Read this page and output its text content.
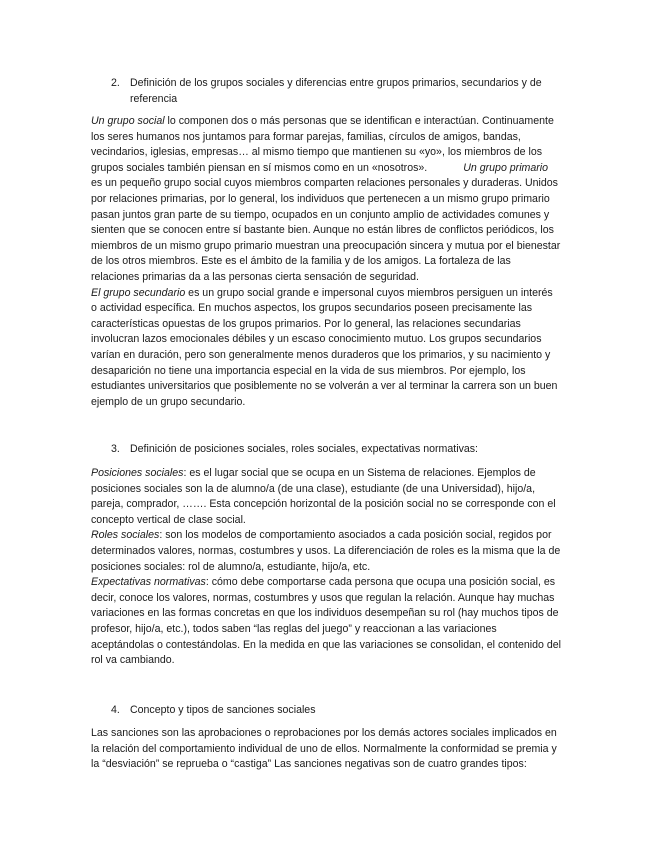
2. Definición de los grupos sociales y diferencias entre grupos primarios, secundarios y de referencia

Un grupo social lo componen dos o más personas que se identifican e interactúan. Continuamente los seres humanos nos juntamos para formar parejas, familias, círculos de amigos, bandas, vecindarios, iglesias, empresas… al mismo tiempo que mantienen su «yo», los miembros de los grupos sociales también piensan en sí mismos como en un «nosotros».	Un grupo primario es un pequeño grupo social cuyos miembros comparten relaciones personales y duraderas. Unidos por relaciones primarias, por lo general, los individuos que pertenecen a un mismo grupo primario pasan juntos gran parte de su tiempo, ocupados en un conjunto amplio de actividades comunes y sienten que se conocen entre sí bastante bien. Aunque no están libres de conflictos periódicos, los miembros de un mismo grupo primario muestran una preocupación sincera y mutua por el bienestar de los otros miembros. Este es el ámbito de la familia y de los amigos. La fortaleza de las relaciones primarias da a las personas cierta sensación de seguridad.

El grupo secundario es un grupo social grande e impersonal cuyos miembros persiguen un interés o actividad específica. En muchos aspectos, los grupos secundarios poseen precisamente las características opuestas de los grupos primarios. Por lo general, las relaciones secundarias involucran lazos emocionales débiles y un escaso conocimiento mutuo. Los grupos secundarios varían en duración, pero son generalmente menos duraderos que los primarios, y su nacimiento y desaparición no tiene una importancia especial en la vida de sus miembros. Por ejemplo, los estudiantes universitarios que posiblemente no se volverán a ver al terminar la carrera son un buen ejemplo de un grupo secundario.

3. Definición de posiciones sociales, roles sociales, expectativas normativas:

Posiciones sociales: es el lugar social que se ocupa en un Sistema de relaciones. Ejemplos de posiciones sociales son la de alumno/a (de una clase), estudiante (de una Universidad), hijo/a, pareja, comprador, ……. Esta concepción horizontal de la posición social no se corresponde con el concepto vertical de clase social.

Roles sociales: son los modelos de comportamiento asociados a cada posición social, regidos por determinados valores, normas, costumbres y usos. La diferenciación de roles es la misma que la de posiciones sociales: rol de alumno/a, estudiante, hijo/a, etc.

Expectativas normativas: cómo debe comportarse cada persona que ocupa una posición social, es decir, conoce los valores, normas, costumbres y usos que regulan la relación. Aunque hay muchas variaciones en las formas concretas en que los individuos desempeñan su rol (hay muchos tipos de profesor, hijo/a, etc.), todos saben “las reglas del juego” y reaccionan a las variaciones aceptándolas o contestándolas. En la medida en que las variaciones se consolidan, el contenido del rol va cambiando.

4. Concepto y tipos de sanciones sociales

Las sanciones son las aprobaciones o reprobaciones por los demás actores sociales implicados en la relación del comportamiento individual de uno de ellos. Normalmente la conformidad se premia y la “desviación” se reprueba o “castiga” Las sanciones negativas son de cuatro grandes tipos:
